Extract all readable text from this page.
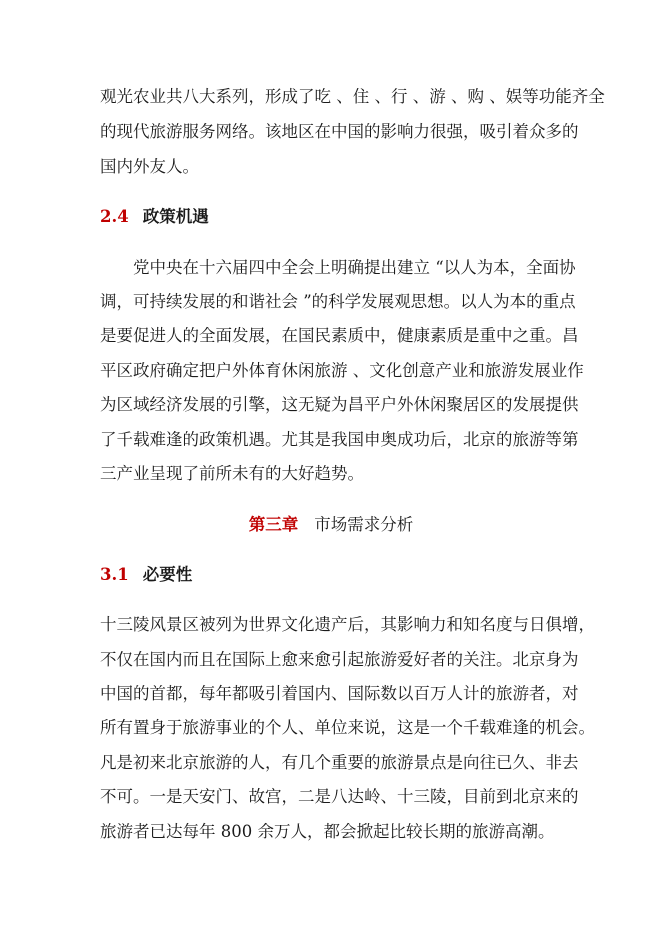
观光农业共八大系列，形成了吃 、住 、行 、游 、购 、娱等功能齐全
的现代旅游服务网络。该地区在中国的影响力很强，吸引着众多的
国内外友人。
2.4 政策机遇
党中央在十六届四中全会上明确提出建立 “以人为本，全面协
调，可持续发展的和谐社会 ”的科学发展观思想。以人为本的重点
是要促进人的全面发展，在国民素质中，健康素质是重中之重。昌
平区政府确定把户外体育休闲旅游 、文化创意产业和旅游发展业作
为区域经济发展的引擎，这无疑为昌平户外休闲聚居区的发展提供
了千载难逢的政策机遇。尤其是我国申奥成功后，北京的旅游等第
三产业呈现了前所未有的大好趋势。
第三章 市场需求分析
3.1 必要性
十三陵风景区被列为世界文化遗产后，其影响力和知名度与日俱增，
不仅在国内而且在国际上愈来愈引起旅游爱好者的关注。北京身为
中国的首都，每年都吸引着国内、国际数以百万人计的旅游者，对
所有置身于旅游事业的个人、单位来说，这是一个千载难逢的机会。
凡是初来北京旅游的人，有几个重要的旅游景点是向往已久、非去
不可。一是天安门、故宫，二是八达岭、十三陵，目前到北京来的
旅游者已达每年 800 余万人，都会掀起比较长期的旅游高潮。
